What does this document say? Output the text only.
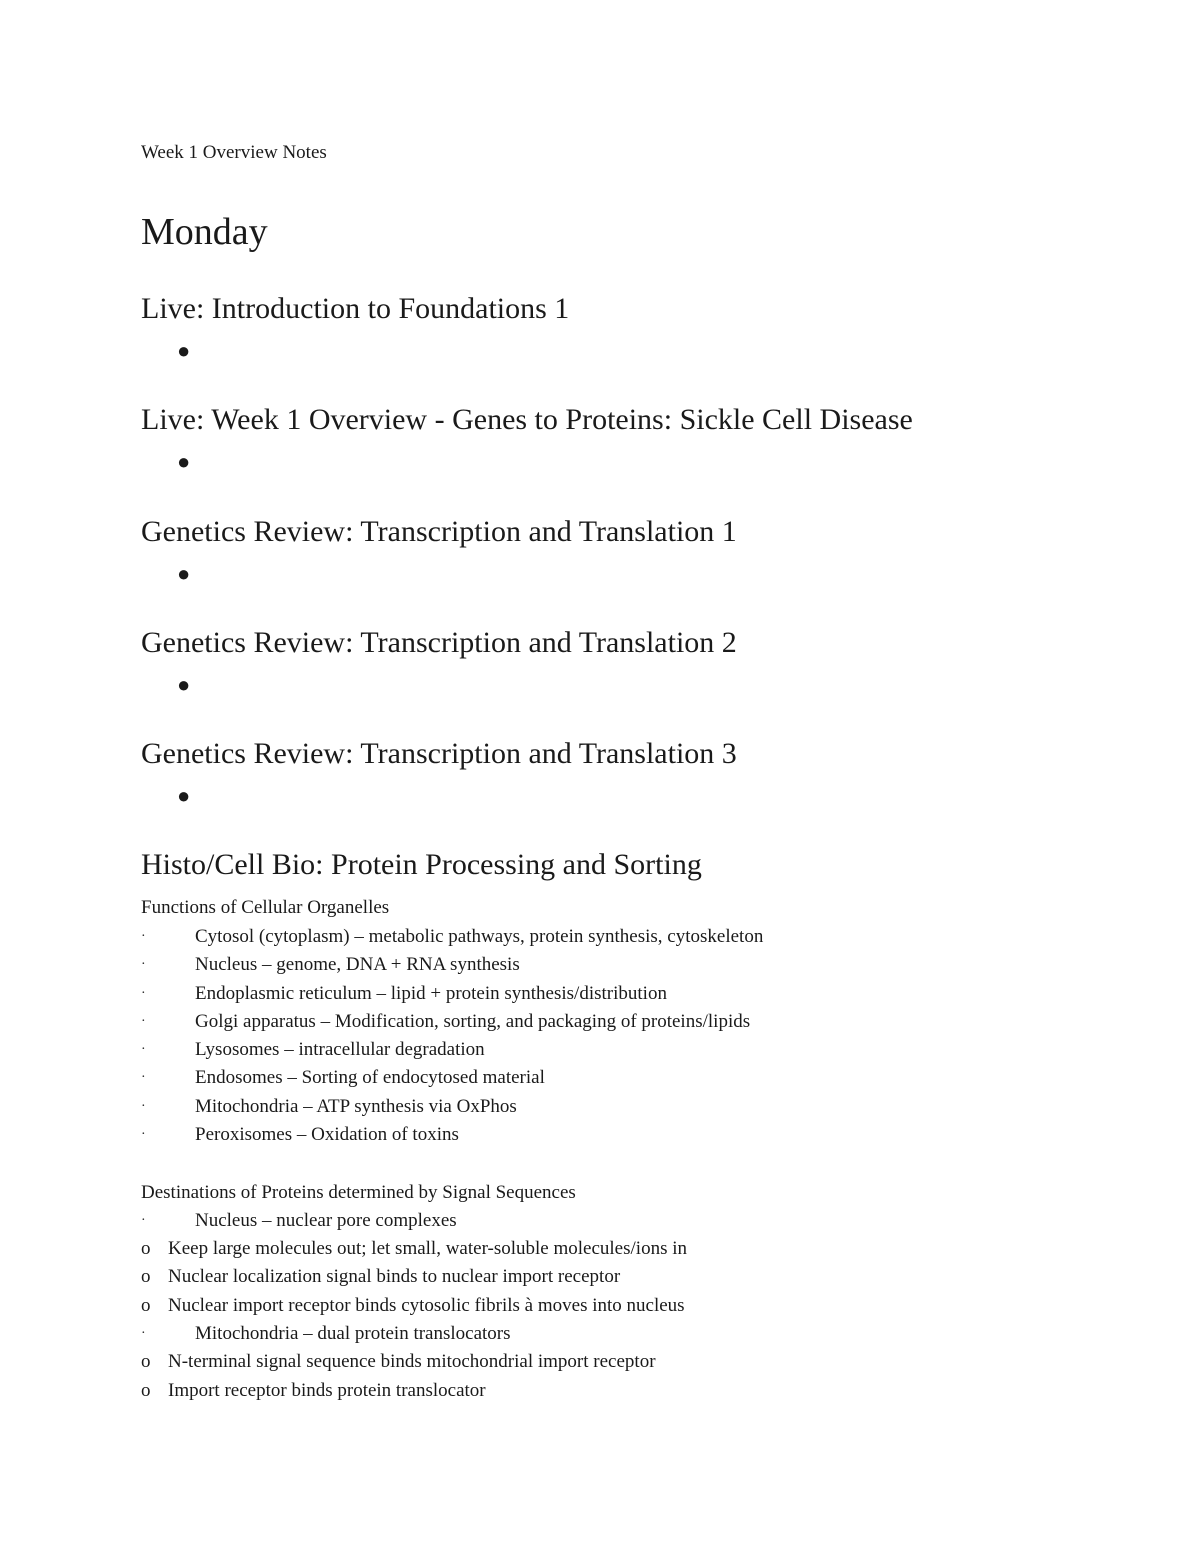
Week 1 Overview Notes
Monday
Live: Introduction to Foundations 1
●
Live: Week 1 Overview - Genes to Proteins: Sickle Cell Disease
●
Genetics Review: Transcription and Translation 1
●
Genetics Review: Transcription and Translation 2
●
Genetics Review: Transcription and Translation 3
●
Histo/Cell Bio: Protein Processing and Sorting
Functions of Cellular Organelles
·	Cytosol (cytoplasm) – metabolic pathways, protein synthesis, cytoskeleton
·	Nucleus – genome, DNA + RNA synthesis
·	Endoplasmic reticulum – lipid + protein synthesis/distribution
·	Golgi apparatus – Modification, sorting, and packaging of proteins/lipids
·	Lysosomes – intracellular degradation
·	Endosomes – Sorting of endocytosed material
·	Mitochondria – ATP synthesis via OxPhos
·	Peroxisomes – Oxidation of toxins
Destinations of Proteins determined by Signal Sequences
·	Nucleus – nuclear pore complexes
o Keep large molecules out; let small, water-soluble molecules/ions in
o Nuclear localization signal binds to nuclear import receptor
o Nuclear import receptor binds cytosolic fibrils à moves into nucleus
·	Mitochondria – dual protein translocators
o N-terminal signal sequence binds mitochondrial import receptor
o Import receptor binds protein translocator
